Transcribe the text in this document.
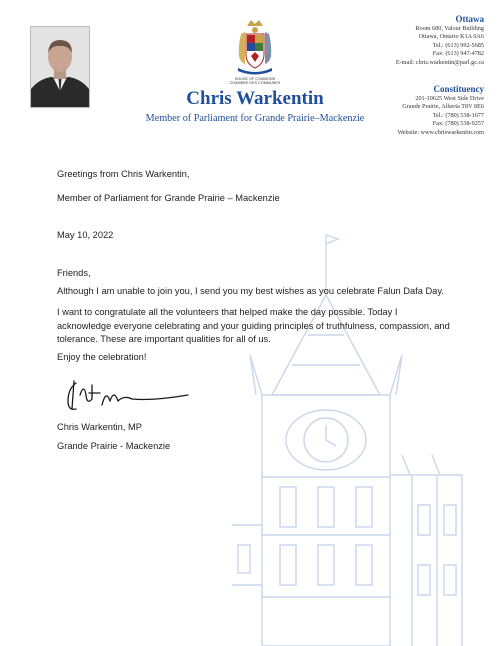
HOUSE OF COMMONS
CHAMBRE DES COMMUNES
Chris Warkentin
Member of Parliament for Grande Prairie–Mackenzie
Ottawa
Room 680, Valour Building
Ottawa, Ontario K1A 0A6
Tel.: (613) 992-5685
Fax: (613) 947-4782
E-mail: chris.warkentin@parl.gc.ca
Constituency
201-10625 West Side Drive
Grande Prairie, Alberta T8V 8E6
Tel.: (780) 538-1677
Fax: (780) 538-9257
Website: www.chriswarkentin.com
Greetings from Chris Warkentin,
Member of Parliament for Grande Prairie – Mackenzie
May 10, 2022
Friends,
Although I am unable to join you, I send you my best wishes as you celebrate Falun Dafa Day.

I want to congratulate all the volunteers that helped make the day possible. Today I

acknowledge everyone celebrating and your guiding principles of truthfulness, compassion, and

tolerance. These are important qualities for all of us.

Enjoy the celebration!
Chris Warkentin, MP
Grande Prairie - Mackenzie
